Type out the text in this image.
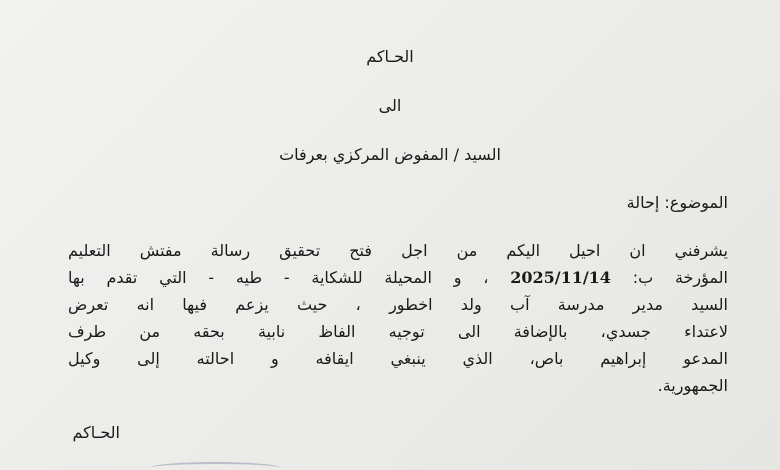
الحـاكم
الى
السيد / المفوض المركزي بعرفات
الموضوع: إحالة
يشرفني ان احيل اليكم من اجل فتح تحقيق رسالة مفتش التعليم
المؤرخة ب: 2025/11/14 ، و المحيلة للشكاية - طيه - التي تقدم بها
السيد مدير مدرسة آب ولد اخطور ، حيث يزعم فيها انه تعرض
لاعتداء جسدي، بالإضافة الى توجيه الفاظ نابية بحقه من طرف
المدعو إبراهيم باص، الذي ينبغي ايقافه و احالته إلى وكيل
الجمهورية.
الحـاكم
